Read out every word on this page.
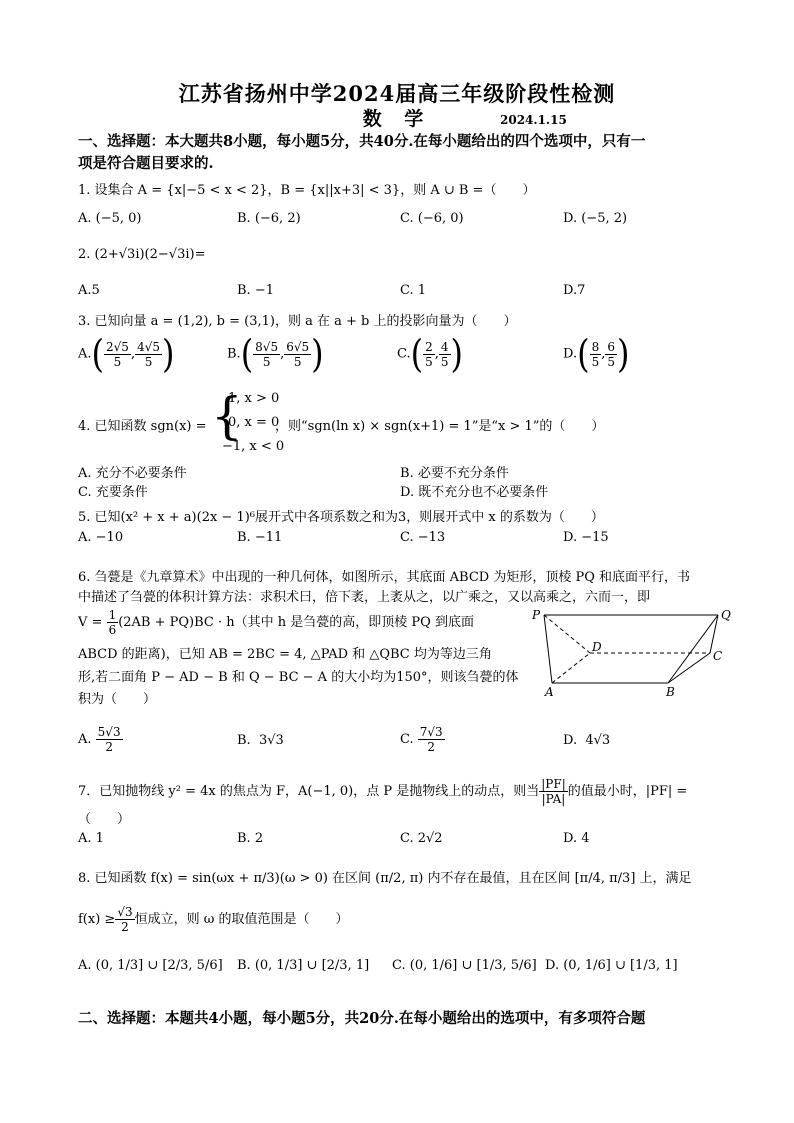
江苏省扬州中学2024届高三年级阶段性检测
数 学	2024.1.15
一、选择题：本大题共8小题，每小题5分，共40分.在每小题给出的四个选项中，只有一
项是符合题目要求的.
1. 设集合 A = {x|−5 < x < 2}，B = {x||x+3| < 3}，则 A ∪ B =（　　）
A. (−5, 0)	B. (−6, 2)	C. (−6, 0)	D. (−5, 2)
2. (2+√3i)(2−√3i)=
A.5	B. −1	C. 1	D.7
3. 已知向量 a = (1,2), b = (3,1)，则 a 在 a + b 上的投影向量为（　　）
$A.( \frac{2√5}{5}$ , $\frac{4√5}{5}$ )	$B.( \frac{8√5}{5}$ , $\frac{6√5}{5}$ )	$C.( \frac{2}{5}$ , $\frac{4}{5}$ )	$D.( \frac{8}{5}$ , $\frac{6}{5}$ )
4. 已知函数 sgn(x) = {
1, x > 0
0, x = 0
−1, x < 0
，则“sgn(ln x) × sgn(x+1) = 1”是“x > 1”的（　　）
A. 充分不必要条件	B. 必要不充分条件
C. 充要条件	D. 既不充分也不必要条件
5. 已知(x² + x + a)(2x − 1)⁶展开式中各项系数之和为3，则展开式中 x 的系数为（　　）
A. −10	B. −11	C. −13	D. −15
6. 刍甍是《九章算术》中出现的一种几何体，如图所示，其底面 ABCD 为矩形，顶棱 PQ 和底面平行，书
中描述了刍甍的体积计算方法：求积术曰，倍下袤，上袤从之，以广乘之，又以高乘之，六而一，即
$V = \frac{1}{6} (2AB + PQ)BC \cdot h$（其中 h 是刍甍的高，即顶棱 PQ 到底面
ABCD 的距离)，已知 AB = 2BC = 4, △PAD 和 △QBC 均为等边三角
形,若二面角 P − AD − B 和 Q − BC − A 的大小均为150°，则该刍甍的体
积为（　　）
P	Q
D
C
A	B
A. $\frac{5√3}{2}$	B. 3√3	C. $\frac{7√3}{2}$	D. 4√3
7．已知抛物线 y² = 4x 的焦点为 F，A(−1, 0)，点 P 是抛物线上的动点，则当 $\frac{|PF|}{|PA|}$ 的值最小时，|PF| =
（　　）
A. 1	B. 2	C. 2√2	D. 4
8. 已知函数 f(x) = sin(ωx + π/3)(ω > 0) 在区间 (π/2, π) 内不存在最值，且在区间 [π/4, π/3] 上，满足
$f(x) \ge \frac{√3}{2}$ 恒成立，则 ω 的取值范围是（　　）
A. (0, 1/3] ∪ [2/3, 5/6] B. (0, 1/3] ∪ [2/3, 1] C. (0, 1/6] ∪ [1/3, 5/6] D. (0, 1/6] ∪ [1/3, 1]
二、选择题：本题共4小题，每小题5分，共20分.在每小题给出的选项中，有多项符合题
